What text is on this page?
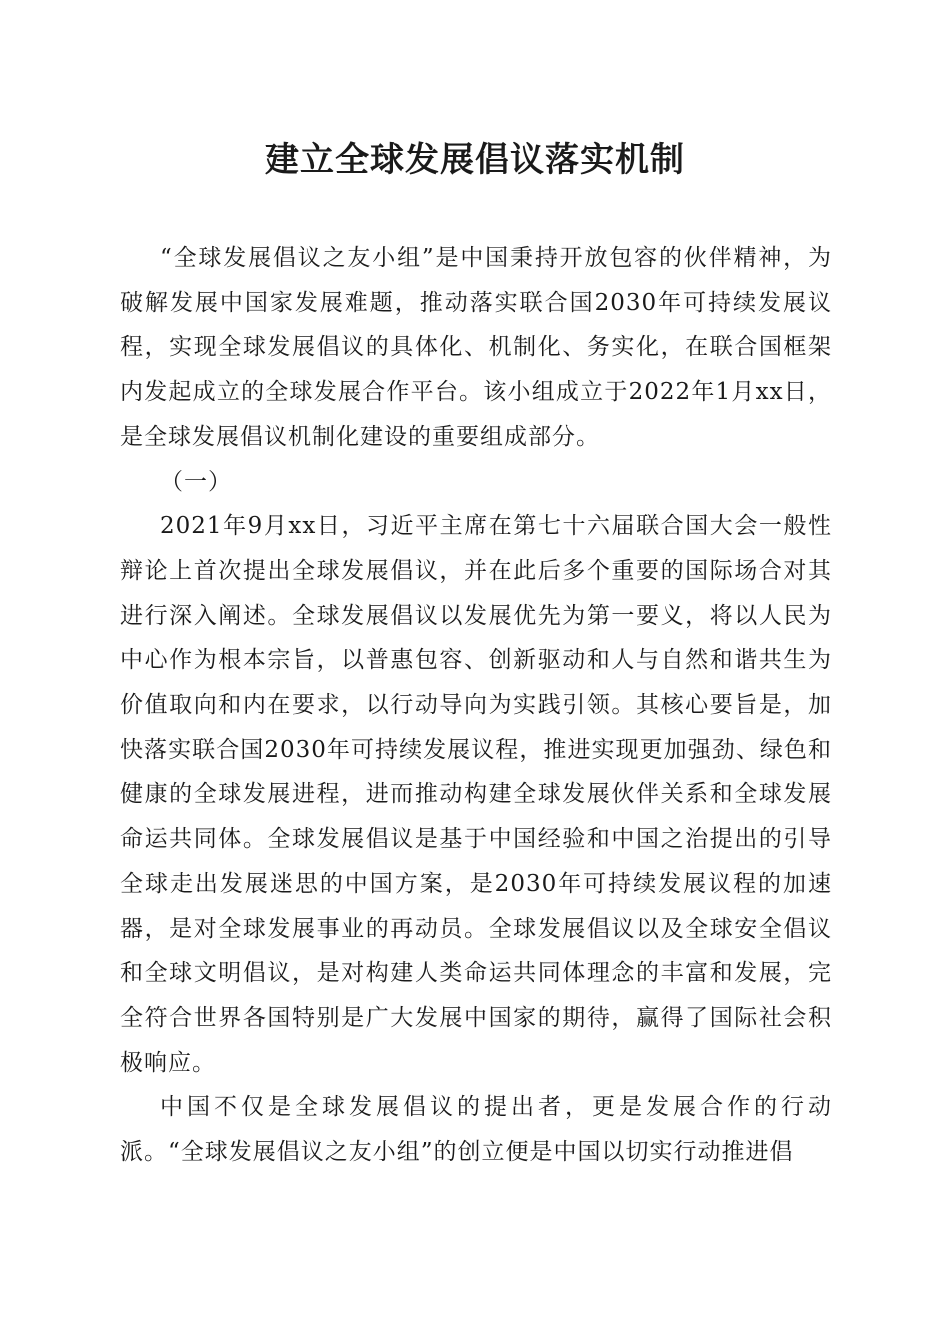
建立全球发展倡议落实机制

“全球发展倡议之友小组”是中国秉持开放包容的伙伴精神，为破解发展中国家发展难题，推动落实联合国2030年可持续发展议程，实现全球发展倡议的具体化、机制化、务实化，在联合国框架内发起成立的全球发展合作平台。该小组成立于2022年1月xx日，是全球发展倡议机制化建设的重要组成部分。

（一）

2021年9月xx日，习近平主席在第七十六届联合国大会一般性辩论上首次提出全球发展倡议，并在此后多个重要的国际场合对其进行深入阐述。全球发展倡议以发展优先为第一要义，将以人民为中心作为根本宗旨，以普惠包容、创新驱动和人与自然和谐共生为价值取向和内在要求，以行动导向为实践引领。其核心要旨是，加快落实联合国2030年可持续发展议程，推进实现更加强劲、绿色和健康的全球发展进程，进而推动构建全球发展伙伴关系和全球发展命运共同体。全球发展倡议是基于中国经验和中国之治提出的引导全球走出发展迷思的中国方案，是2030年可持续发展议程的加速器，是对全球发展事业的再动员。全球发展倡议以及全球安全倡议和全球文明倡议，是对构建人类命运共同体理念的丰富和发展，完全符合世界各国特别是广大发展中国家的期待，赢得了国际社会积极响应。

中国不仅是全球发展倡议的提出者，更是发展合作的行动派。“全球发展倡议之友小组”的创立便是中国以切实行动推进倡
